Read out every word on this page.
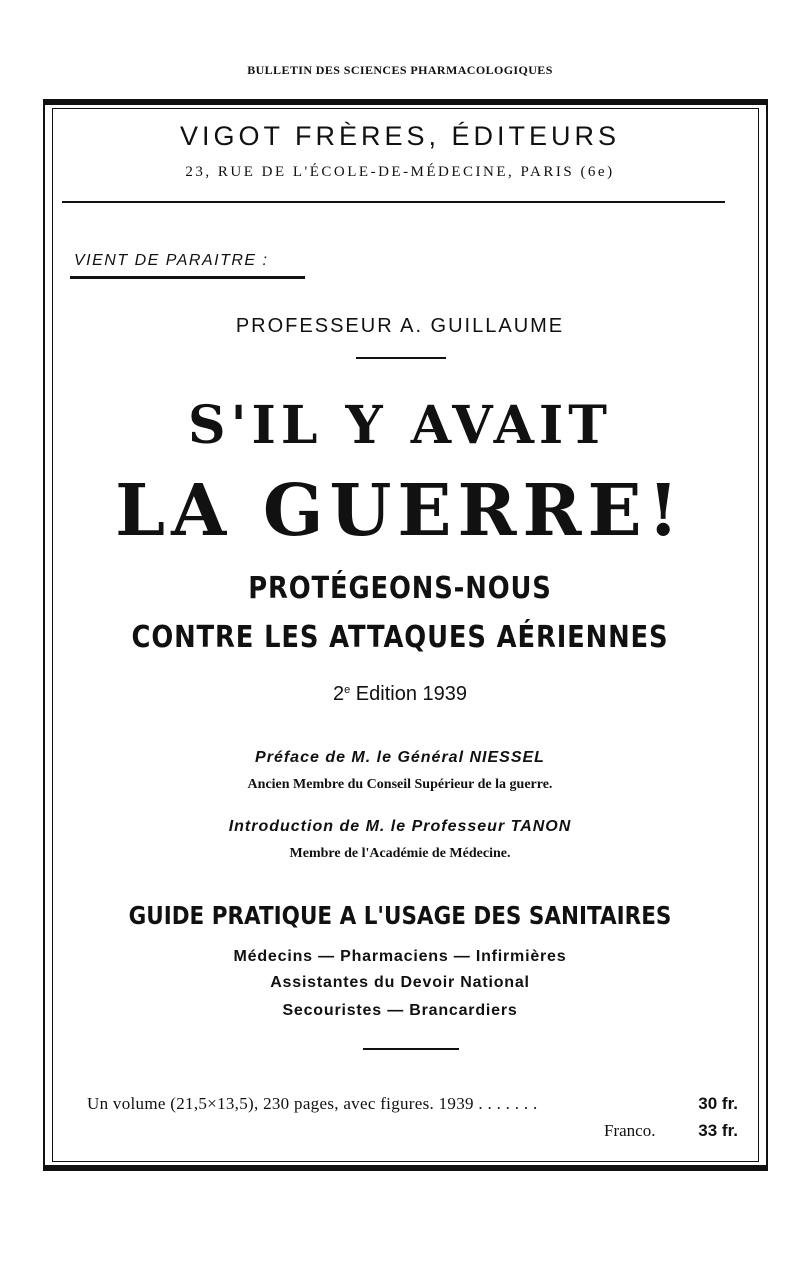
BULLETIN DES SCIENCES PHARMACOLOGIQUES
VIGOT FRÈRES, ÉDITEURS
23, RUE DE L'ÉCOLE-DE-MÉDECINE, PARIS (6e)
VIENT DE PARAITRE :
PROFESSEUR A. GUILLAUME
S'IL Y AVAIT
LA GUERRE!
PROTÉGEONS-NOUS
CONTRE LES ATTAQUES AÉRIENNES
2e Edition 1939
Préface de M. le Général NIESSEL
Ancien Membre du Conseil Supérieur de la guerre.
Introduction de M. le Professeur TANON
Membre de l'Académie de Médecine.
GUIDE PRATIQUE A L'USAGE DES SANITAIRES
Médecins — Pharmaciens — Infirmières
Assistantes du Devoir National
Secouristes — Brancardiers
Un volume (21,5×13,5), 230 pages, avec figures. 1939 . . . . . . .	30 fr.
Franco.	33 fr.
